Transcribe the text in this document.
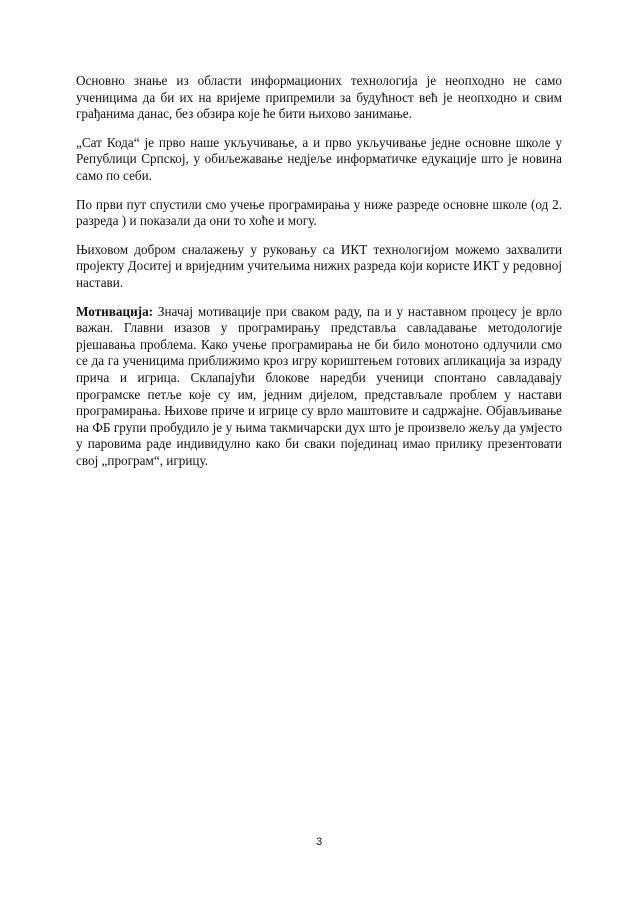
Основно знање из области информационих технологија је неопходно не само ученицима да би их на вријеме припремили за будућност већ је неопходно и свим грађанима данас, без обзира које ће бити њихово занимање.

„Сат Кода“ је прво наше укључивање, а и прво укључивање једне основне школе у Републици Српској, у обиљежавање недјеље информатичке едукације што је новина само по себи.

По први пут спустили смо учење програмирања у ниже разреде основне школе (од 2. разреда ) и показали да они то хоће и могу.

Њиховом добром сналажењу у руковању са ИКТ технологијом можемо захвалити пројекту Доситеј и вриједним учитељима нижих разреда који користе ИКТ у редовној настави.

Мотивација: Значај мотивације при сваком раду, па и у наставном процесу је врло важан. Главни изазов у програмирању представља савладавање методологије рјешавања проблема. Како учење програмирања не би било монотоно одлучили смо се да га ученицима приближимо кроз игру кориштењем готових апликација за израду прича и игрица. Склапајући блокове наредби ученици спонтано савладавају програмске петље које су им, једним дијелом, представљале проблем у настави програмирања. Њихове приче и игрице су врло маштовите и садржајне. Објављивање на ФБ групи пробудило је у њима такмичарски дух што је произвело жељу да умјесто у паровима раде индивидулно како би сваки појединац имао прилику презентовати свој „програм“, игрицу.

3
